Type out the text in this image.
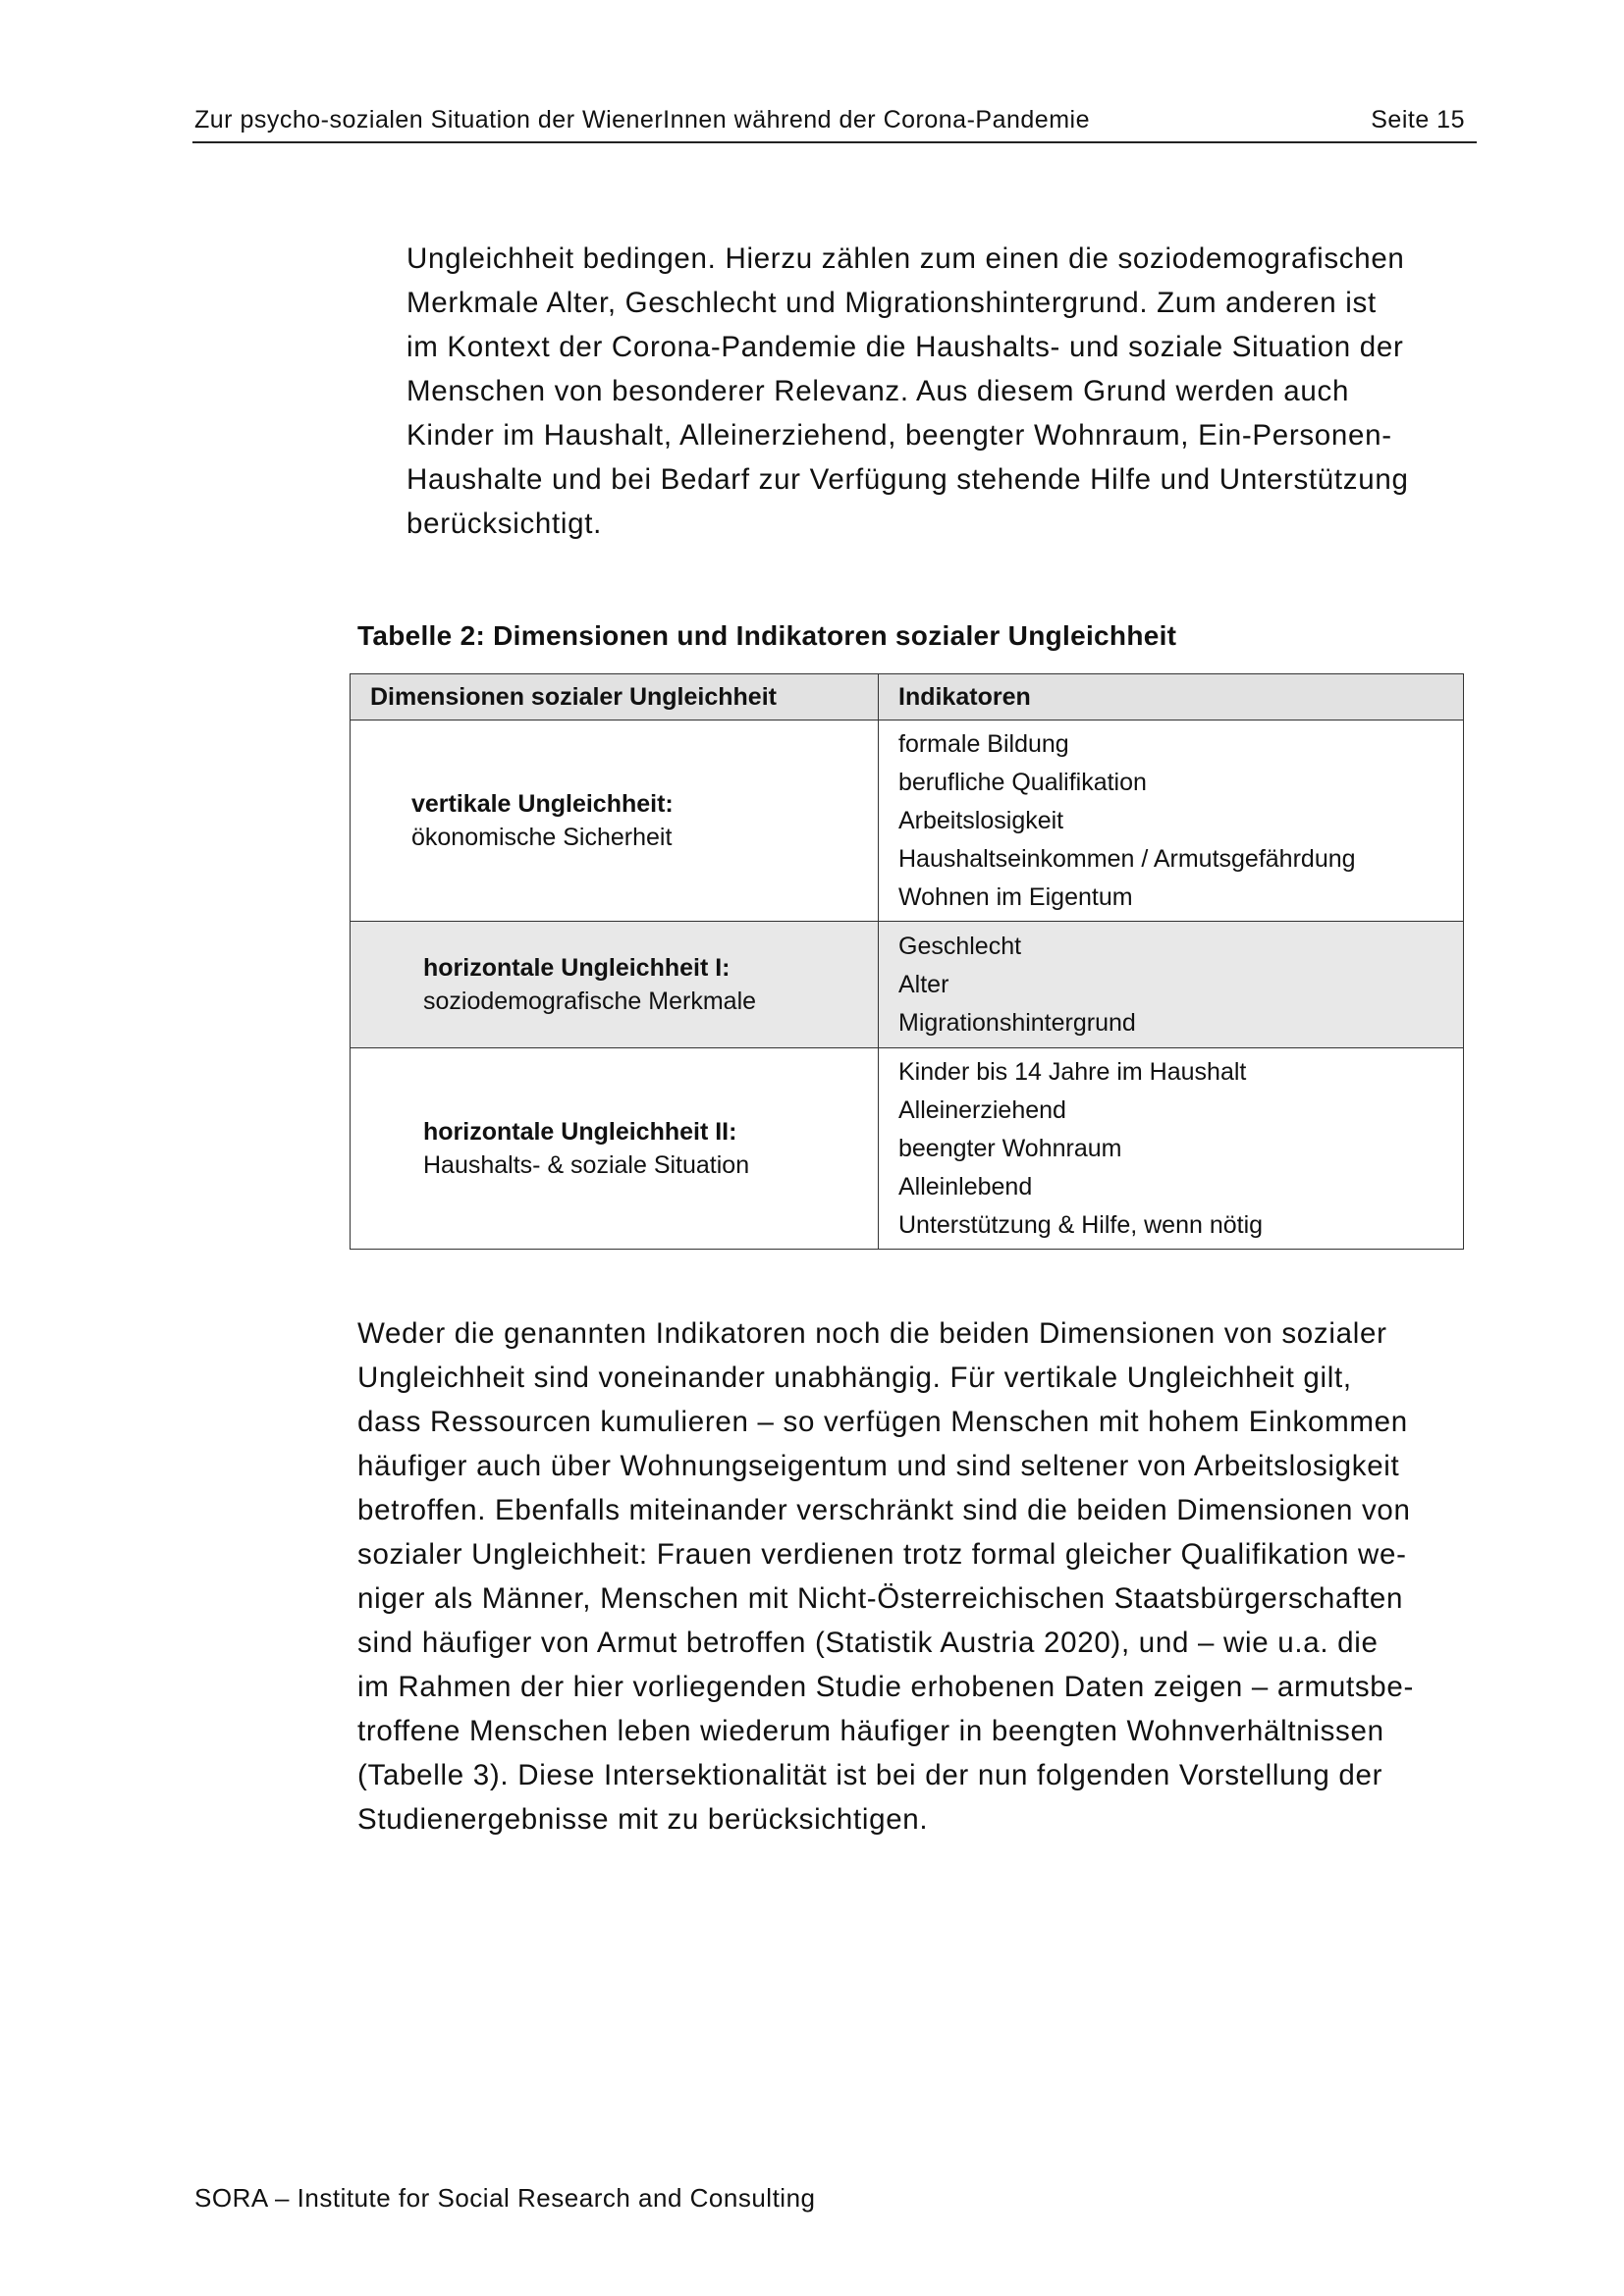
Zur psycho-sozialen Situation der WienerInnen während der Corona-Pandemie	Seite 15

Ungleichheit bedingen. Hierzu zählen zum einen die soziodemografischen
Merkmale Alter, Geschlecht und Migrationshintergrund. Zum anderen ist
im Kontext der Corona-Pandemie die Haushalts- und soziale Situation der
Menschen von besonderer Relevanz. Aus diesem Grund werden auch
Kinder im Haushalt, Alleinerziehend, beengter Wohnraum, Ein-Personen-
Haushalte und bei Bedarf zur Verfügung stehende Hilfe und Unterstützung
berücksichtigt.

Tabelle 2: Dimensionen und Indikatoren sozialer Ungleichheit
Dimensionen sozialer Ungleichheit	Indikatoren

vertikale Ungleichheit:
ökonomische Sicherheit	formale Bildung
berufliche Qualifikation
Arbeitslosigkeit
Haushaltseinkommen / Armutsgefährdung
Wohnen im Eigentum

horizontale Ungleichheit I:
soziodemografische Merkmale	Geschlecht
Alter
Migrationshintergrund

horizontale Ungleichheit II:
Haushalts- & soziale Situation	Kinder bis 14 Jahre im Haushalt
Alleinerziehend
beengter Wohnraum
Alleinlebend
Unterstützung & Hilfe, wenn nötig

Weder die genannten Indikatoren noch die beiden Dimensionen von sozialer
Ungleichheit sind voneinander unabhängig. Für vertikale Ungleichheit gilt,
dass Ressourcen kumulieren – so verfügen Menschen mit hohem Einkommen
häufiger auch über Wohnungseigentum und sind seltener von Arbeitslosigkeit
betroffen. Ebenfalls miteinander verschränkt sind die beiden Dimensionen von
sozialer Ungleichheit: Frauen verdienen trotz formal gleicher Qualifikation we-
niger als Männer, Menschen mit Nicht-Österreichischen Staatsbürgerschaften
sind häufiger von Armut betroffen (Statistik Austria 2020), und – wie u.a. die
im Rahmen der hier vorliegenden Studie erhobenen Daten zeigen – armutsbe-
troffene Menschen leben wiederum häufiger in beengten Wohnverhältnissen
(Tabelle 3). Diese Intersektionalität ist bei der nun folgenden Vorstellung der
Studienergebnisse mit zu berücksichtigen.

SORA – Institute for Social Research and Consulting
